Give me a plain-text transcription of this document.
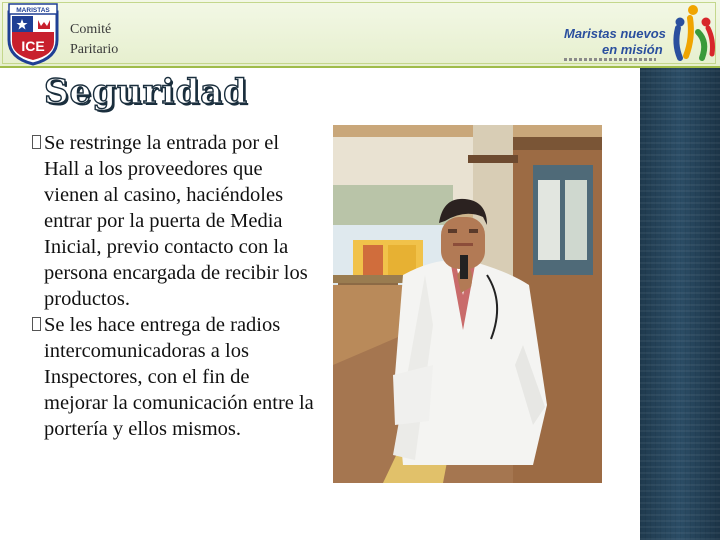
MARISTAS
ICE
Comité
Paritario
Maristas nuevos
en misión
Seguridad

Se restringe la entrada por el Hall a los proveedores que vienen al casino, haciéndoles entrar por la puerta de Media Inicial, previo contacto con la persona encargada de recibir los productos.

Se les hace entrega de radios intercomunicadoras a los Inspectores, con el fin de mejorar la comunicación entre la portería y ellos mismos.
